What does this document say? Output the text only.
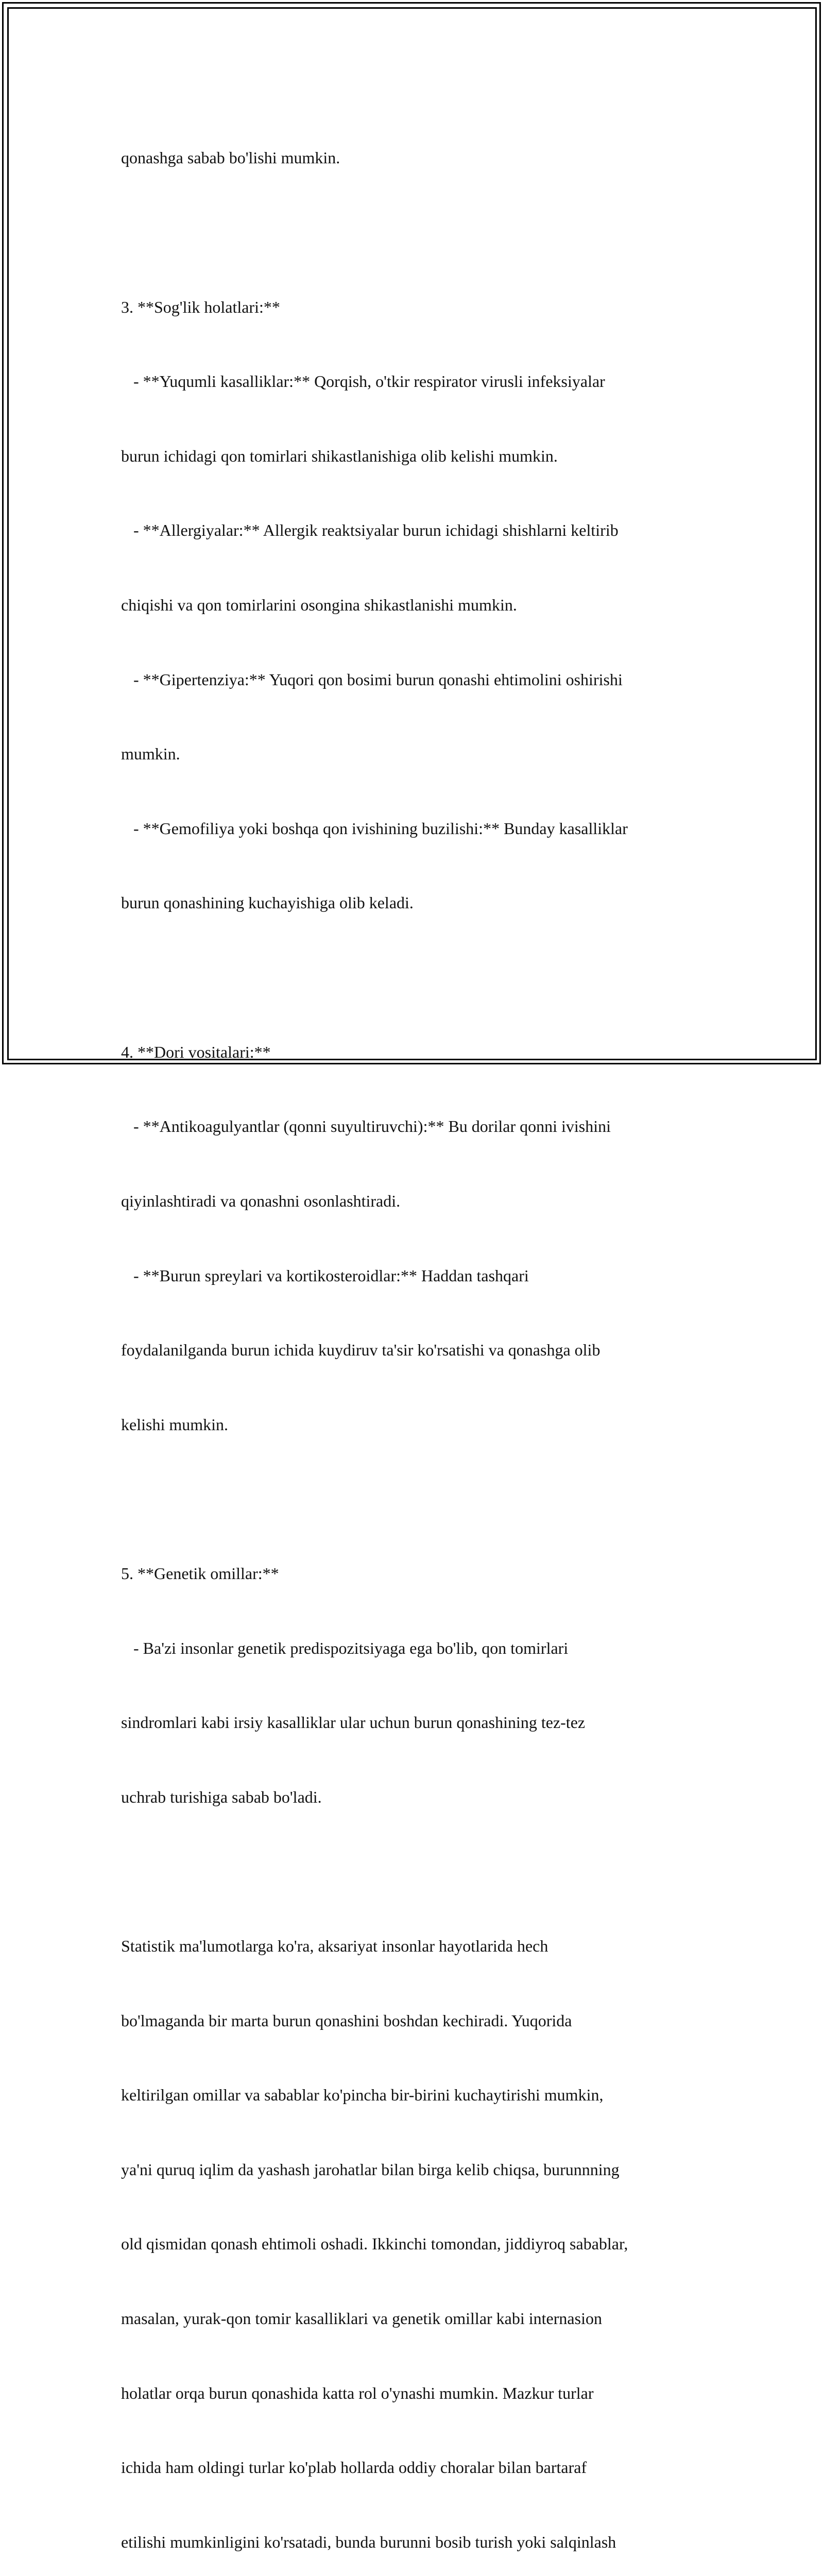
qonashga sabab bo'lishi mumkin.

3. **Sog'lik holatlari:**

- **Yuqumli kasalliklar:** Qorqish, o'tkir respirator virusli infeksiyalar

burun ichidagi qon tomirlari shikastlanishiga olib kelishi mumkin.

- **Allergiyalar:** Allergik reaktsiyalar burun ichidagi shishlarni keltirib

chiqishi va qon tomirlarini osongina shikastlanishi mumkin.

- **Gipertenziya:** Yuqori qon bosimi burun qonashi ehtimolini oshirishi

mumkin.

- **Gemofiliya yoki boshqa qon ivishining buzilishi:** Bunday kasalliklar

burun qonashining kuchayishiga olib keladi.

4. **Dori vositalari:**

- **Antikoagulyantlar (qonni suyultiruvchi):** Bu dorilar qonni ivishini

qiyinlashtiradi va qonashni osonlashtiradi.

- **Burun spreylari va kortikosteroidlar:** Haddan tashqari

foydalanilganda burun ichida kuydiruv ta'sir ko'rsatishi va qonashga olib

kelishi mumkin.

5. **Genetik omillar:**

- Ba'zi insonlar genetik predispozitsiyaga ega bo'lib, qon tomirlari

sindromlari kabi irsiy kasalliklar ular uchun burun qonashining tez-tez

uchrab turishiga sabab bo'ladi.

Statistik ma'lumotlarga ko'ra, aksariyat insonlar hayotlarida hech

bo'lmaganda bir marta burun qonashini boshdan kechiradi. Yuqorida

keltirilgan omillar va sabablar ko'pincha bir-birini kuchaytirishi mumkin,

ya'ni quruq iqlim da yashash jarohatlar bilan birga kelib chiqsa, burunnning

old qismidan qonash ehtimoli oshadi. Ikkinchi tomondan, jiddiyroq sabablar,

masalan, yurak-qon tomir kasalliklari va genetik omillar kabi internasion

holatlar orqa burun qonashida katta rol o'ynashi mumkin. Mazkur turlar

ichida ham oldingi turlar ko'plab hollarda oddiy choralar bilan bartaraf

etilishi mumkinligini ko'rsatadi, bunda burunni bosib turish yoki salqinlash
